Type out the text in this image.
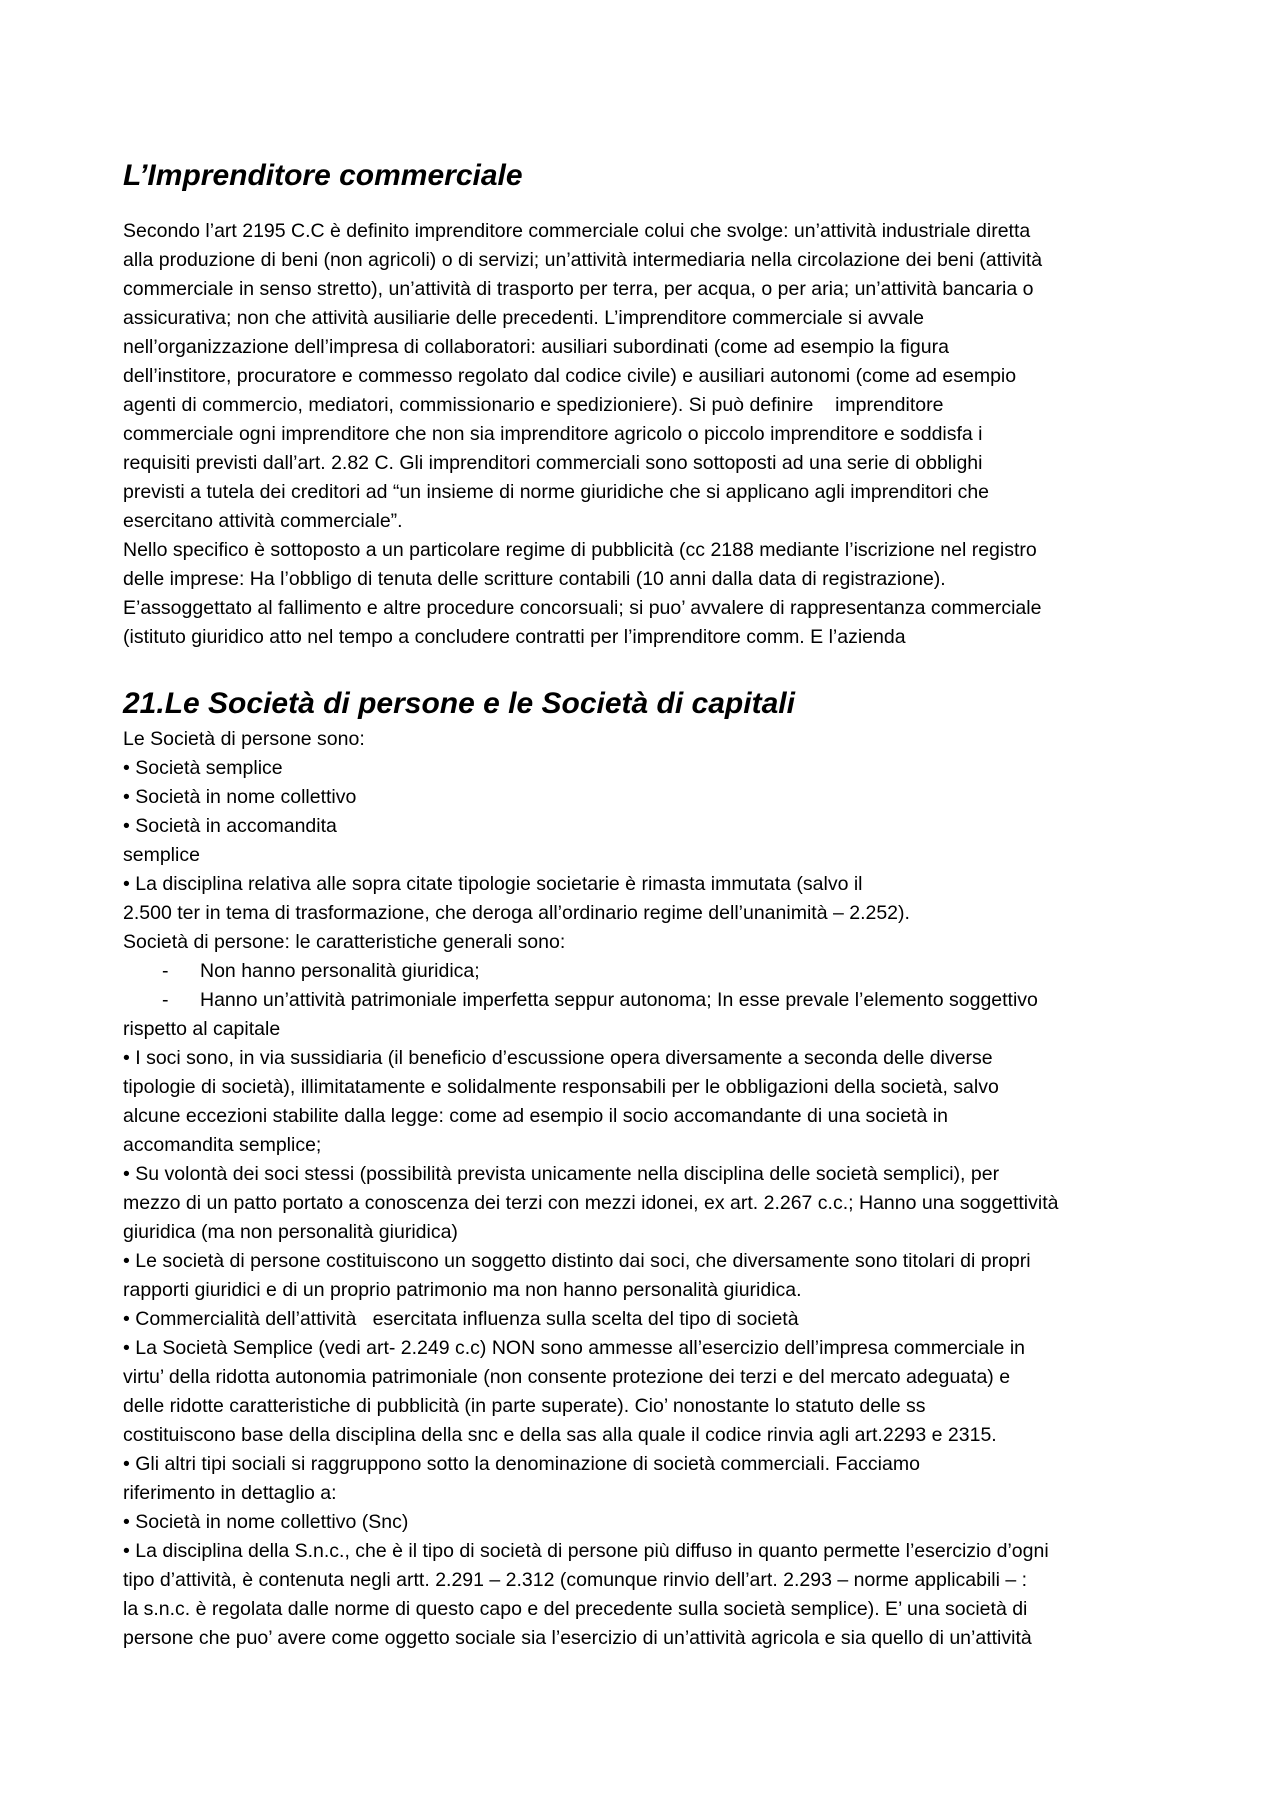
L’Imprenditore commerciale
Secondo l’art 2195 C.C è definito imprenditore commerciale colui che svolge: un’attività industriale diretta
alla produzione di beni (non agricoli) o di servizi; un’attività intermediaria nella circolazione dei beni (attività
commerciale in senso stretto), un’attività di trasporto per terra, per acqua, o per aria; un’attività bancaria o
assicurativa; non che attività ausiliarie delle precedenti. L’imprenditore commerciale si avvale
nell’organizzazione dell’impresa di collaboratori: ausiliari subordinati (come ad esempio la figura
dell’institore, procuratore e commesso regolato dal codice civile) e ausiliari autonomi (come ad esempio
agenti di commercio, mediatori, commissionario e spedizioniere). Si può definire    imprenditore
commerciale ogni imprenditore che non sia imprenditore agricolo o piccolo imprenditore e soddisfa i
requisiti previsti dall’art. 2.82 C. Gli imprenditori commerciali sono sottoposti ad una serie di obblighi
previsti a tutela dei creditori ad “un insieme di norme giuridiche che si applicano agli imprenditori che
esercitano attività commerciale”.
Nello specifico è sottoposto a un particolare regime di pubblicità (cc 2188 mediante l’iscrizione nel registro
delle imprese: Ha l’obbligo di tenuta delle scritture contabili (10 anni dalla data di registrazione).
E’assoggettato al fallimento e altre procedure concorsuali; si puo’ avvalere di rappresentanza commerciale
(istituto giuridico atto nel tempo a concludere contratti per l’imprenditore comm. E l’azienda
21.Le Società di persone e le Società di capitali
Le Società di persone sono:
• Società semplice
• Società in nome collettivo
• Società in accomandita
semplice
• La disciplina relativa alle sopra citate tipologie societarie è rimasta immutata (salvo il
2.500 ter in tema di trasformazione, che deroga all’ordinario regime dell’unanimità – 2.252).
Società di persone: le caratteristiche generali sono:
- Non hanno personalità giuridica;
- Hanno un’attività patrimoniale imperfetta seppur autonoma; In esse prevale l’elemento soggettivo
rispetto al capitale
• I soci sono, in via sussidiaria (il beneficio d’escussione opera diversamente a seconda delle diverse
tipologie di società), illimitatamente e solidalmente responsabili per le obbligazioni della società, salvo
alcune eccezioni stabilite dalla legge: come ad esempio il socio accomandante di una società in
accomandita semplice;
• Su volontà dei soci stessi (possibilità prevista unicamente nella disciplina delle società semplici), per
mezzo di un patto portato a conoscenza dei terzi con mezzi idonei, ex art. 2.267 c.c.; Hanno una soggettività
giuridica (ma non personalità giuridica)
• Le società di persone costituiscono un soggetto distinto dai soci, che diversamente sono titolari di propri
rapporti giuridici e di un proprio patrimonio ma non hanno personalità giuridica.
• Commercialità dell’attività   esercitata influenza sulla scelta del tipo di società
• La Società Semplice (vedi art- 2.249 c.c) NON sono ammesse all’esercizio dell’impresa commerciale in
virtu’ della ridotta autonomia patrimoniale (non consente protezione dei terzi e del mercato adeguata) e
delle ridotte caratteristiche di pubblicità (in parte superate). Cio’ nonostante lo statuto delle ss
costituiscono base della disciplina della snc e della sas alla quale il codice rinvia agli art.2293 e 2315.
• Gli altri tipi sociali si raggruppono sotto la denominazione di società commerciali. Facciamo
riferimento in dettaglio a:
• Società in nome collettivo (Snc)
• La disciplina della S.n.c., che è il tipo di società di persone più diffuso in quanto permette l’esercizio d’ogni
tipo d’attività, è contenuta negli artt. 2.291 – 2.312 (comunque rinvio dell’art. 2.293 – norme applicabili – :
la s.n.c. è regolata dalle norme di questo capo e del precedente sulla società semplice). E’ una società di
persone che puo’ avere come oggetto sociale sia l’esercizio di un’attività agricola e sia quello di un’attività
